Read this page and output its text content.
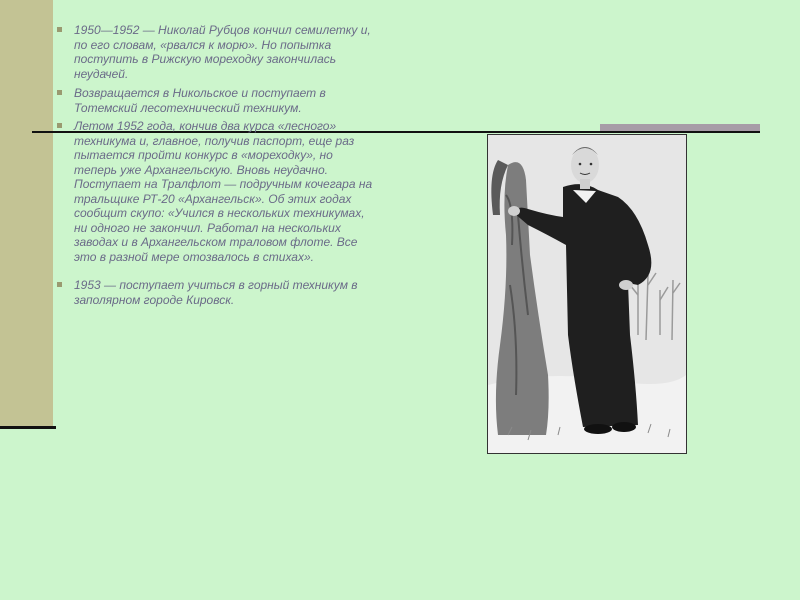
1950—1952 — Николай Рубцов кончил семилетку и, по его словам, «рвался к морю». Но попытка поступить в Рижскую мореходку закончилась неудачей.
Возвращается в Никольское и поступает в Тотемский лесотехнический техникум.
Летом 1952 года, кончив два курса «лесного» техникума и, главное, получив паспорт, еще раз пытается пройти конкурс в «мореходку», но теперь уже Архангельскую. Вновь неудачно. Поступает на Тралфлот — подручным кочегара на тральщике РТ-20 «Архангельск». Об этих годах сообщит скупо: «Учился в нескольких техникумах, ни одного не закончил. Работал на нескольких заводах и в Архангельском траловом флоте. Все это в разной мере отозвалось в стихах».
1953 — поступает учиться в горный техникум в заполярном городе Кировск.
